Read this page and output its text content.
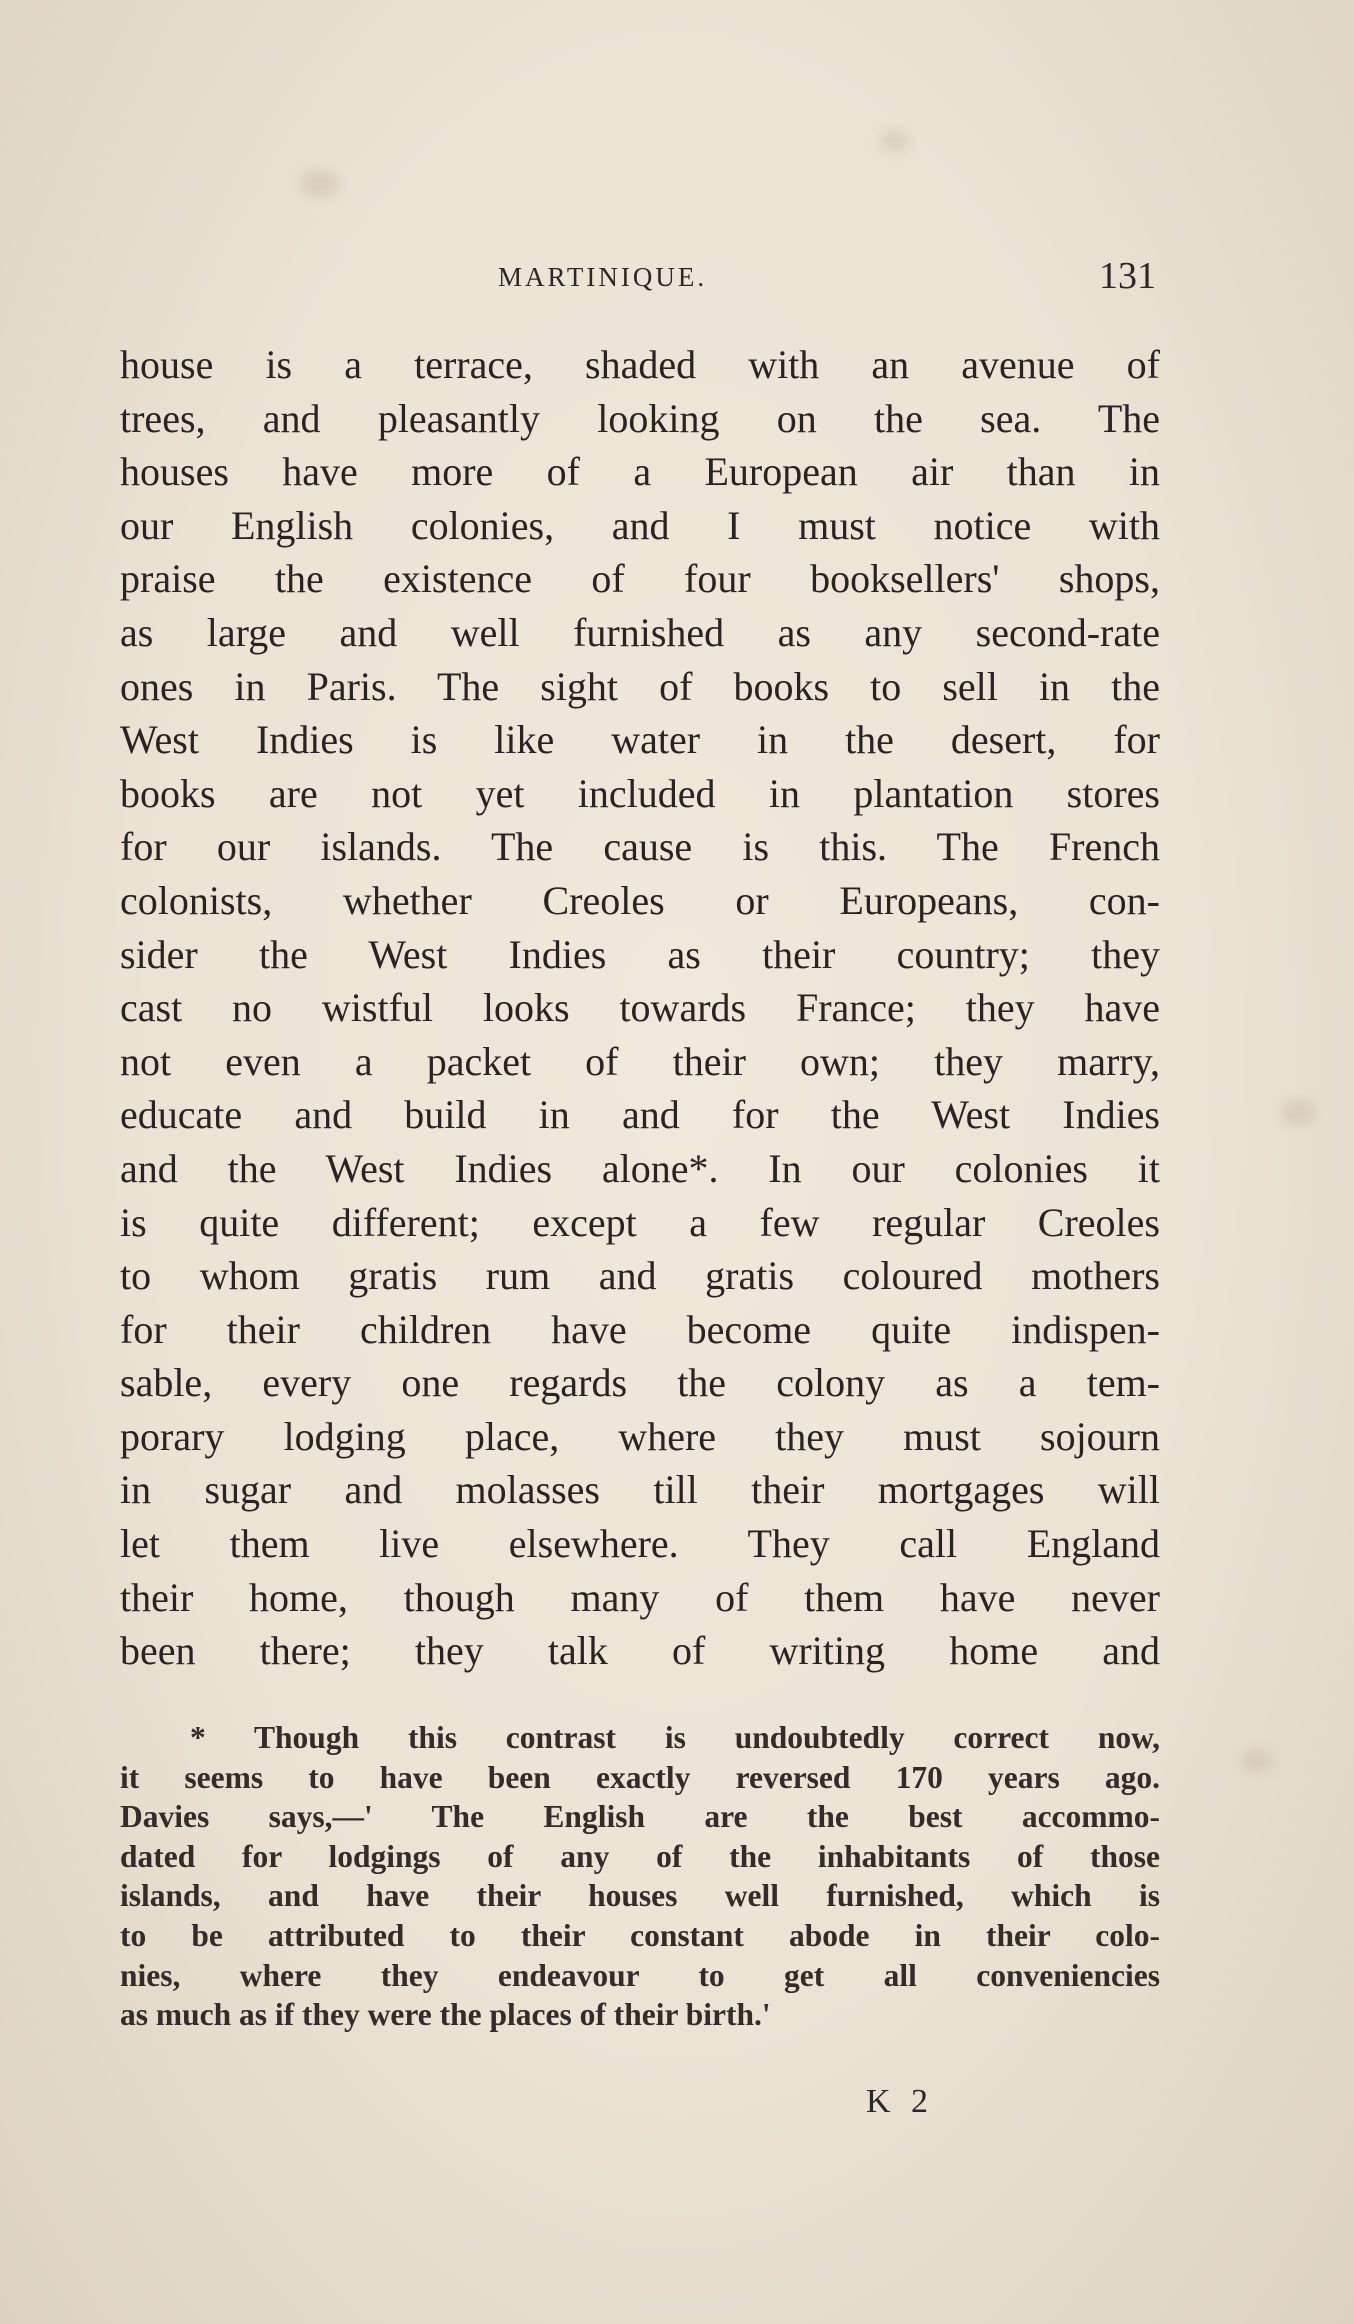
MARTINIQUE.	131
house is a terrace, shaded with an avenue of
trees, and pleasantly looking on the sea. The
houses have more of a European air than in
our English colonies, and I must notice with
praise the existence of four booksellers' shops,
as large and well furnished as any second-rate
ones in Paris. The sight of books to sell in the
West Indies is like water in the desert, for
books are not yet included in plantation stores
for our islands. The cause is this. The French
colonists, whether Creoles or Europeans, con-
sider the West Indies as their country; they
cast no wistful looks towards France; they have
not even a packet of their own; they marry,
educate and build in and for the West Indies
and the West Indies alone*. In our colonies it
is quite different; except a few regular Creoles
to whom gratis rum and gratis coloured mothers
for their children have become quite indispen-
sable, every one regards the colony as a tem-
porary lodging place, where they must sojourn
in sugar and molasses till their mortgages will
let them live elsewhere. They call England
their home, though many of them have never
been there; they talk of writing home and
* Though this contrast is undoubtedly correct now,
it seems to have been exactly reversed 170 years ago.
Davies says,—' The English are the best accommo-
dated for lodgings of any of the inhabitants of those
islands, and have their houses well furnished, which is
to be attributed to their constant abode in their colo-
nies, where they endeavour to get all conveniencies
as much as if they were the places of their birth.'
K 2
